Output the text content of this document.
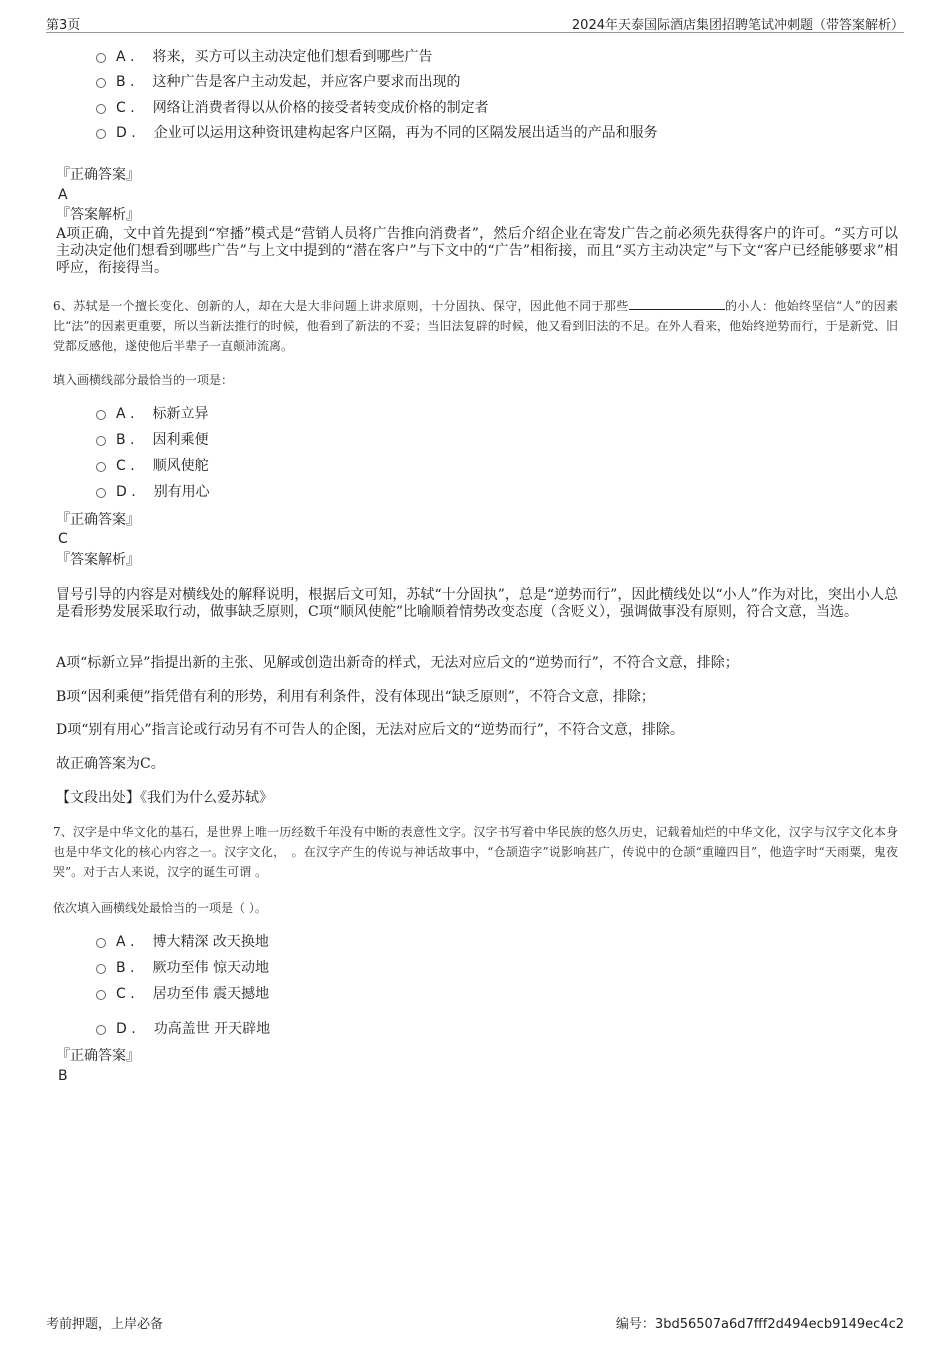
第3页	2024年天泰国际酒店集团招聘笔试冲刺题（带答案解析）
A . 将来，买方可以主动决定他们想看到哪些广告
B . 这种广告是客户主动发起，并应客户要求而出现的
C . 网络让消费者得以从价格的接受者转变成价格的制定者
D . 企业可以运用这种资讯建构起客户区隔，再为不同的区隔发展出适当的产品和服务
『正确答案』
A
『答案解析』

A项正确，文中首先提到“窄播”模式是“营销人员将广告推向消费者”，然后介绍企业在寄发广告之前必须先获得客户的许可。“买方可以主动决定他们想看到哪些广告”与上文中提到的“潜在客户”与下文中的“广告”相衔接，而且“买方主动决定”与下文“客户已经能够要求”相呼应，衔接得当。

6、苏轼是一个擅长变化、创新的人，却在大是大非问题上讲求原则，十分固执、保守，因此他不同于那些	的小人：他始终坚信“人”的因素比“法”的因素更重要，所以当新法推行的时候，他看到了新法的不妥；当旧法复辟的时候，他又看到旧法的不足。在外人看来，他始终逆势而行，于是新党、旧党都反感他，遂使他后半辈子一直颠沛流离。

填入画横线部分最恰当的一项是：

A . 标新立异
B . 因利乘便
C . 顺风使舵
D . 别有用心
『正确答案』
C
『答案解析』

冒号引导的内容是对横线处的解释说明，根据后文可知，苏轼“十分固执”，总是“逆势而行”，因此横线处以“小人”作为对比，突出小人总是看形势发展采取行动，做事缺乏原则，C项“顺风使舵”比喻顺着情势改变态度（含贬义），强调做事没有原则，符合文意，当选。

A项“标新立异”指提出新的主张、见解或创造出新奇的样式，无法对应后文的“逆势而行”，不符合文意，排除；

B项“因利乘便”指凭借有利的形势，利用有利条件，没有体现出“缺乏原则”，不符合文意，排除；

D项“别有用心”指言论或行动另有不可告人的企图，无法对应后文的“逆势而行”，不符合文意，排除。

故正确答案为C。

【文段出处】《我们为什么爱苏轼》

7、汉字是中华文化的基石，是世界上唯一历经数千年没有中断的表意性文字。汉字书写着中华民族的悠久历史，记载着灿烂的中华文化，汉字与汉字文化本身也是中华文化的核心内容之一。汉字文化，　。在汉字产生的传说与神话故事中，“仓颉造字”说影响甚广，传说中的仓颉“重瞳四目”，他造字时“天雨粟，鬼夜哭”。对于古人来说，汉字的诞生可谓 。

依次填入画横线处最恰当的一项是（ ）。

A . 博大精深 改天换地
B . 厥功至伟 惊天动地
C . 居功至伟 震天撼地
D . 功高盖世 开天辟地
『正确答案』
B
考前押题，上岸必备	编号：3bd56507a6d7fff2d494ecb9149ec4c2
